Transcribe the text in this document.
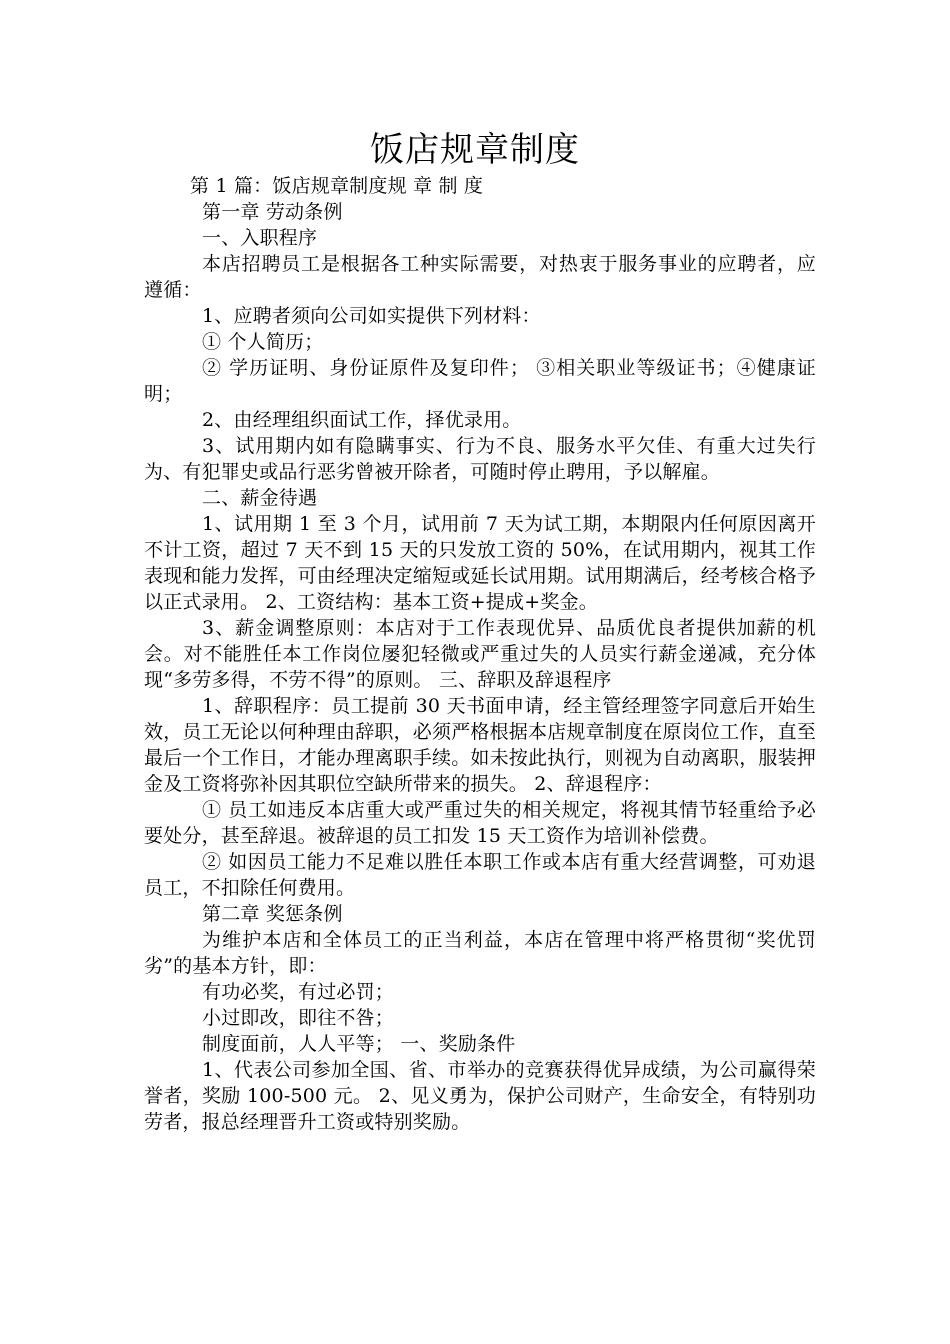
饭店规章制度

第 1 篇：饭店规章制度规 章 制 度

第一章 劳动条例

一、入职程序

本店招聘员工是根据各工种实际需要，对热衷于服务事业的应聘者，应遵循：

1、应聘者须向公司如实提供下列材料：

① 个人简历；

② 学历证明、身份证原件及复印件； ③相关职业等级证书；④健康证明；

2、由经理组织面试工作，择优录用。

3、试用期内如有隐瞒事实、行为不良、服务水平欠佳、有重大过失行为、有犯罪史或品行恶劣曾被开除者，可随时停止聘用，予以解雇。

二、薪金待遇

1、试用期 1 至 3 个月，试用前 7 天为试工期，本期限内任何原因离开不计工资，超过 7 天不到 15 天的只发放工资的 50%，在试用期内，视其工作表现和能力发挥，可由经理决定缩短或延长试用期。试用期满后，经考核合格予以正式录用。 2、工资结构：基本工资+提成+奖金。

3、薪金调整原则：本店对于工作表现优异、品质优良者提供加薪的机会。对不能胜任本工作岗位屡犯轻微或严重过失的人员实行薪金递减，充分体现“多劳多得，不劳不得”的原则。 三、辞职及辞退程序

1、辞职程序：员工提前 30 天书面申请，经主管经理签字同意后开始生效，员工无论以何种理由辞职，必须严格根据本店规章制度在原岗位工作，直至最后一个工作日，才能办理离职手续。如未按此执行，则视为自动离职，服装押金及工资将弥补因其职位空缺所带来的损失。 2、辞退程序：

① 员工如违反本店重大或严重过失的相关规定，将视其情节轻重给予必要处分，甚至辞退。被辞退的员工扣发 15 天工资作为培训补偿费。

② 如因员工能力不足难以胜任本职工作或本店有重大经营调整，可劝退员工，不扣除任何费用。

第二章 奖惩条例

为维护本店和全体员工的正当利益，本店在管理中将严格贯彻“奖优罚劣”的基本方针，即：

有功必奖，有过必罚；

小过即改，即往不咎；

制度面前，人人平等； 一、奖励条件

1、代表公司参加全国、省、市举办的竞赛获得优异成绩，为公司赢得荣誉者，奖励 100-500 元。 2、见义勇为，保护公司财产，生命安全，有特别功劳者，报总经理晋升工资或特别奖励。
